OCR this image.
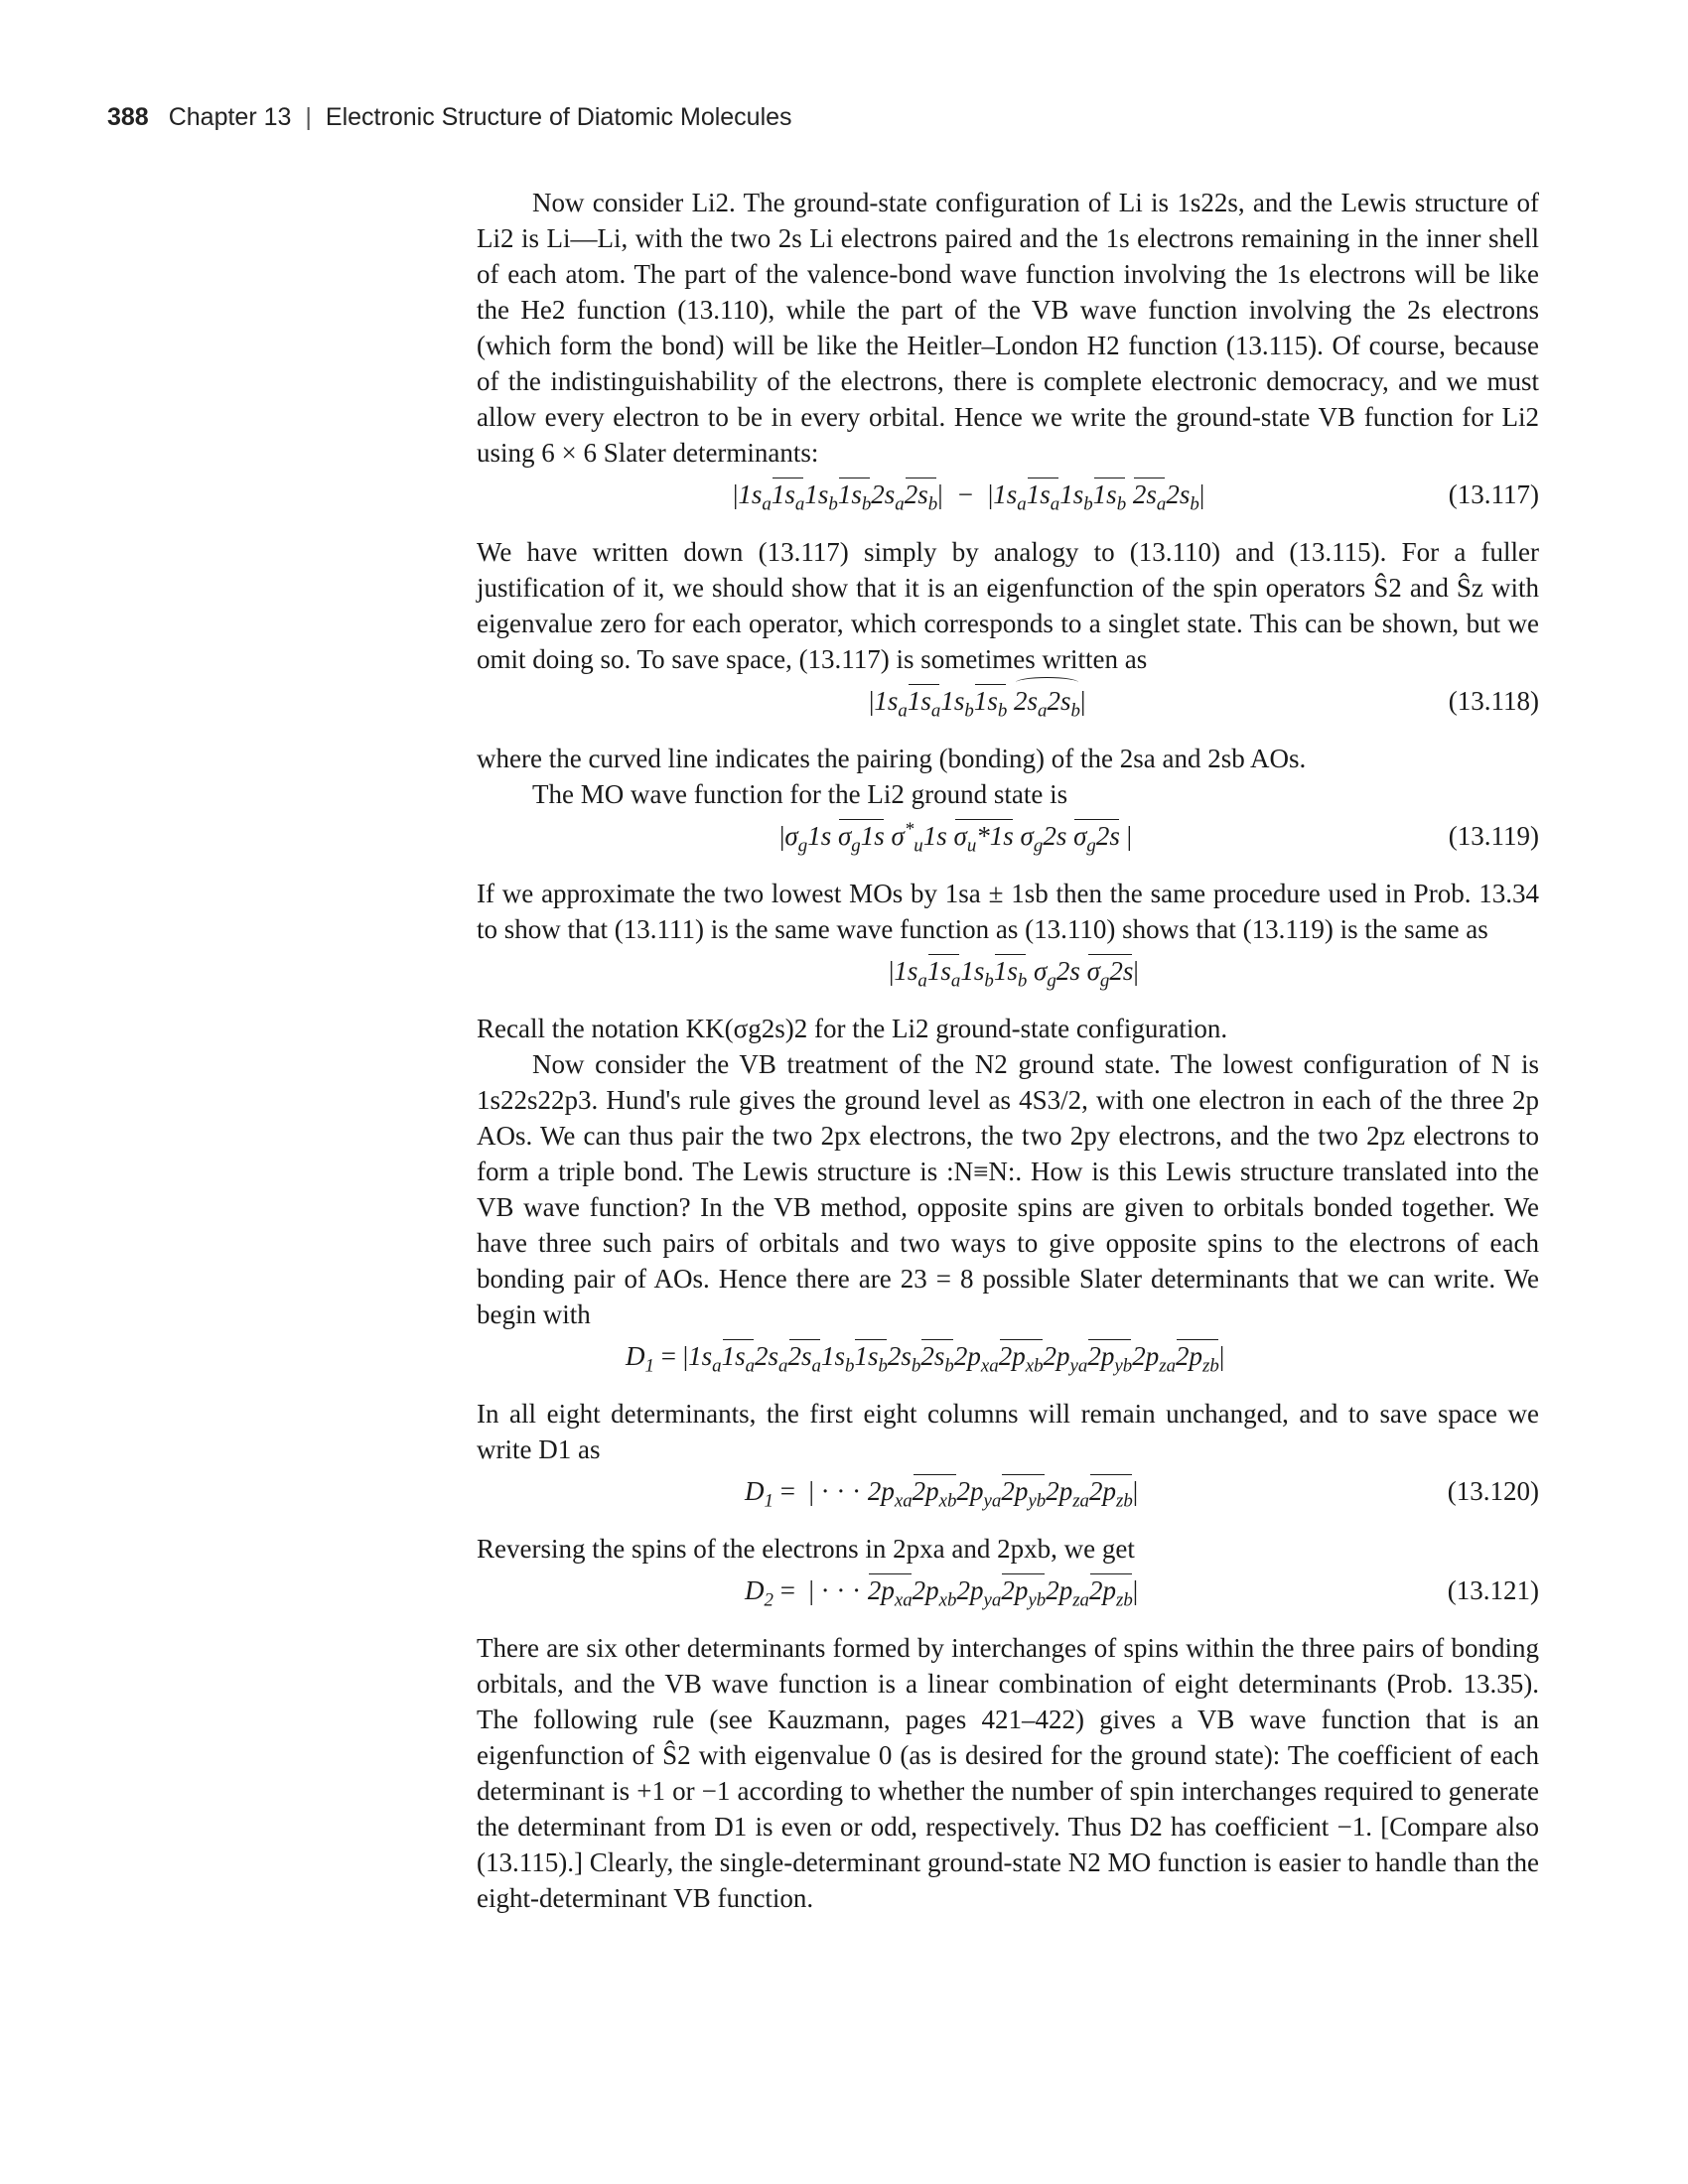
388 Chapter 13 | Electronic Structure of Diatomic Molecules

Now consider Li2. The ground-state configuration of Li is 1s22s, and the Lewis structure of Li2 is Li—Li, with the two 2s Li electrons paired and the 1s electrons remaining in the inner shell of each atom. The part of the valence-bond wave function involving the 1s electrons will be like the He2 function (13.110), while the part of the VB wave function involving the 2s electrons (which form the bond) will be like the Heitler–London H2 function (13.115). Of course, because of the indistinguishability of the electrons, there is complete electronic democracy, and we must allow every electron to be in every orbital. Hence we write the ground-state VB function for Li2 using 6 × 6 Slater determinants:

$|1s_a1s_a1s_b1s_b2s_a2s_b| - |1s_a1s_a1s_b1s_b$ $2s_a2s_b|$	(13.117)

We have written down (13.117) simply by analogy to (13.110) and (13.115). For a fuller justification of it, we should show that it is an eigenfunction of the spin operators Ŝ2 and Ŝz with eigenvalue zero for each operator, which corresponds to a singlet state. This can be shown, but we omit doing so. To save space, (13.117) is sometimes written as

$|1s_a1s_a1s_b1s_b$ $2s_a2s_b|$	(13.118)

where the curved line indicates the pairing (bonding) of the 2sa and 2sb AOs.

The MO wave function for the Li2 ground state is

$|\sigma_g1s$ $\sigma_g1s$ $\sigma^*_u1s$ $\sigma_u*1s$ $\sigma_g2s$ $\sigma_g2s$ |	(13.119)

If we approximate the two lowest MOs by 1sa ± 1sb then the same procedure used in Prob. 13.34 to show that (13.111) is the same wave function as (13.110) shows that (13.119) is the same as

$|1s_a1s_a1s_b1s_b$ $\sigma_g2s$ $\sigma_g2s|$

Recall the notation KK(σg2s)2 for the Li2 ground-state configuration.

Now consider the VB treatment of the N2 ground state. The lowest configuration of N is 1s22s22p3. Hund's rule gives the ground level as 4S3/2, with one electron in each of the three 2p AOs. We can thus pair the two 2px electrons, the two 2py electrons, and the two 2pz electrons to form a triple bond. The Lewis structure is :N≡N:. How is this Lewis structure translated into the VB wave function? In the VB method, opposite spins are given to orbitals bonded together. We have three such pairs of orbitals and two ways to give opposite spins to the electrons of each bonding pair of AOs. Hence there are 23 = 8 possible Slater determinants that we can write. We begin with

$D_1 = |1s_a1s_a2s_a2s_a1s_b1s_b2s_b2s_b2p_{xa}2p_{xb}2p_{ya}2p_{yb}2p_{za}2p_{zb}|$

In all eight determinants, the first eight columns will remain unchanged, and to save space we write D1 as

$D_1$ = | · · · $2p_{xa}2p_{xb}2p_{ya}2p_{yb}2p_{za}2p_{zb}|$	(13.120)

Reversing the spins of the electrons in 2pxa and 2pxb, we get

$D_2$ = | · · · $2p_{xa}2p_{xb}2p_{ya}2p_{yb}2p_{za}2p_{zb}|$	(13.121)

There are six other determinants formed by interchanges of spins within the three pairs of bonding orbitals, and the VB wave function is a linear combination of eight determinants (Prob. 13.35). The following rule (see Kauzmann, pages 421–422) gives a VB wave function that is an eigenfunction of Ŝ2 with eigenvalue 0 (as is desired for the ground state): The coefficient of each determinant is +1 or −1 according to whether the number of spin interchanges required to generate the determinant from D1 is even or odd, respectively. Thus D2 has coefficient −1. [Compare also (13.115).] Clearly, the single-determinant ground-state N2 MO function is easier to handle than the eight-determinant VB function.
